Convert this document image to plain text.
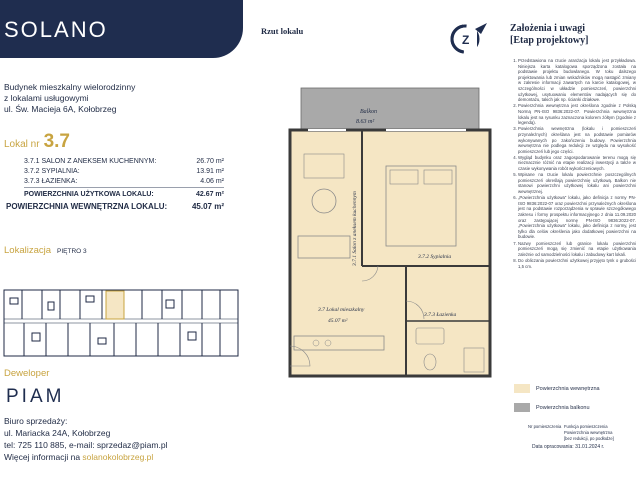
SOLANO
Budynek mieszkalny wielorodzinny
z lokalami usługowymi
ul. Św. Macieja 6A, Kołobrzeg
Lokal nr 3.7
3.7.1 SALON Z ANEKSEM KUCHENNYM:	26.70 m²
3.7.2 SYPIALNIA:	13.91 m²
3.7.3 ŁAZIENKA:	4.06 m²
POWIERZCHNIA UŻYTKOWA LOKALU:	42.67 m²
POWIERZCHNIA WEWNĘTRZNA LOKALU:	45.07 m²
Lokalizacja PIĘTRO 3
Deweloper
PIAM
Biuro sprzedaży:
ul. Mariacka 24A, Kołobrzeg
tel: 725 110 885, e-mail: sprzedaz@piam.pl
Więcej informacji na solanokolobrzeg.pl
Rzut lokalu
Z
Balkon
8.63 m²
3.7.1 Salon z aneksem kuchennym	3.7.2 Sypialnia
3.7 Lokal mieszkalny
45.07 m²
3.7.3 Łazienka
Powierzchnia wewnętrzna
Powierzchnia balkonu
Nr pomieszczenia Funkcja pomieszczenia
Powierzchnia wewnętrzna
[bez redukcji, po podłodze]
Data opracowania: 31.01.2024 r.
Założenia i uwagi
[Etap projektowy]
1. Przedstawiona na rzucie aranżacja lokalu jest przykładowa. Niniejsza karta katalogowa sporządzona została na podstawie projektu budowlanego. W toku dalszego projektowania lub zmian wskaźników mogą nastąpić zmiany w zakresie informacji zawartych na karcie katalogowej, w szczególności w układzie pomieszczeń, powierzchni użytkowej, usytuowaniu elementów nadających się do demontażu, takich jak np. ścianki działowe.
2. Powierzchnia wewnętrzna jest określona zgodnie z Polską Normą PN-ISO 9836:2022-07. Powierzchnia wewnętrzna lokalu jest na rysunku zaznaczona kolorem żółtym (zgodnie z legendą).
3. Powierzchnia wewnętrzna (lokalu i pomieszczeń przynależnych) określana jest na podstawie pomiarów wykonywanych po zakończeniu budowy. Powierzchnia wewnętrzna nie podlega redukcji ze względu na wysokość pomieszczeń lub jego części.
4. Wygląd budynku oraz zagospodarowanie terenu mogą się nieznacznie różnić na etapie realizacji inwestycji a także w czasie wykonywania robót wykończeniowych.
5. Wpisane na rzucie lokalu powierzchnie poszczególnych pomieszczeń określają powierzchnię użytkową. Balkon nie stanowi powierzchni użytkowej lokalu ani powierzchni wewnętrznej.
6. „Powierzchnia użytkowa” lokalu, jako definicja z normy PN-ISO 9836:2022-07 oraz powierzchni przynależnych określona jest na podstawie rozporządzenia w sprawie szczegółowego zakresu i formy prospektu informacyjnego z dnia 11.09.2020 oraz zastępującej normę PN-ISO 9836:2022-07. „Powierzchnia użytkowa” lokalu, jako definicja z normy, jest tylko dla celów określenia jako dodatkowej powierzchni na budowie.
7. Nazwy pomieszczeń lub granice lokalu powierzchni pomieszczeń mogą się zmienić na etapie użytkowania zależnie od samodzielności lokalu i zabudowy kart lokali.
8. Do obliczania powierzchni użytkowej przyjęto tynk o grubości 1,5 cm.
